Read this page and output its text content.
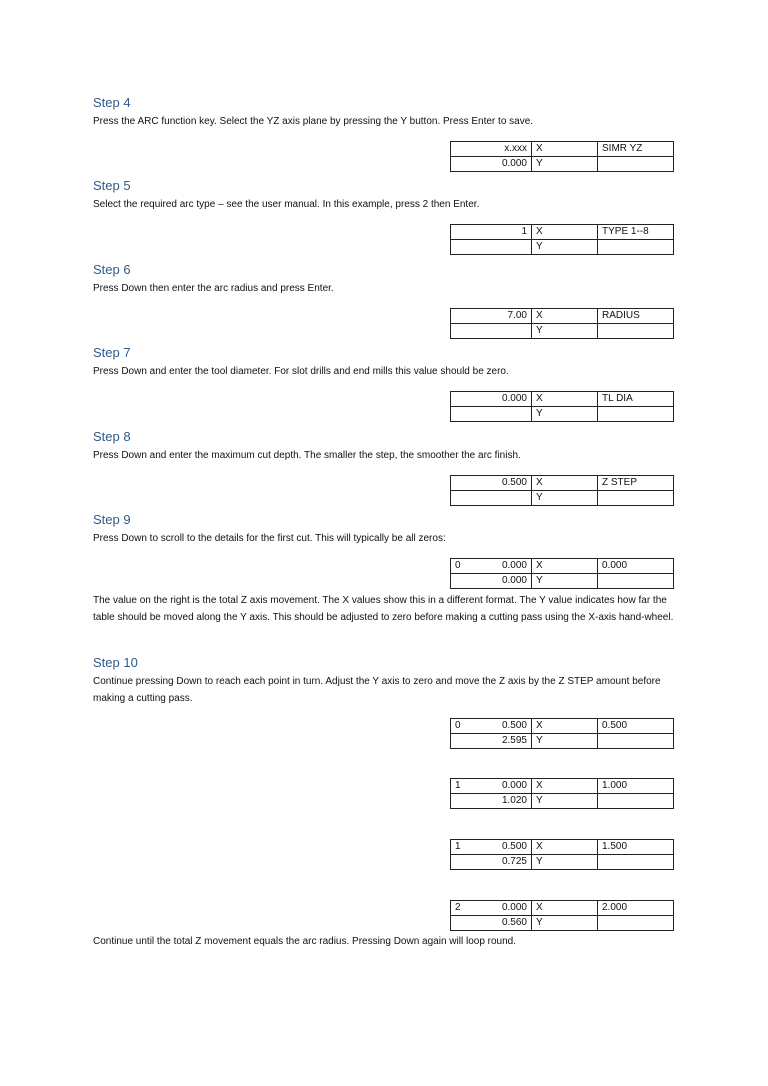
Step 4
Press the ARC function key. Select the YZ axis plane by pressing the Y button. Press Enter to save.
x.xxx	X	SIMR YZ
0.000	Y	
Step 5
Select the required arc type – see the user manual. In this example, press 2 then Enter.
1	X	TYPE 1--8
	Y	
Step 6
Press Down then enter the arc radius and press Enter.
7.00	X	RADIUS
	Y	
Step 7
Press Down and enter the tool diameter. For slot drills and end mills this value should be zero.
0.000	X	TL DIA
	Y	
Step 8
Press Down and enter the maximum cut depth. The smaller the step, the smoother the arc finish.
0.500	X	Z STEP
	Y	
Step 9
Press Down to scroll to the details for the first cut. This will typically be all zeros:
0 0.000	X	0.000
0.000	Y	
The value on the right is the total Z axis movement. The X values show this in a different format. The Y value indicates how far the table should be moved along the Y axis. This should be adjusted to zero before making a cutting pass using the X-axis hand-wheel.
Step 10
Continue pressing Down to reach each point in turn. Adjust the Y axis to zero and move the Z axis by the Z STEP amount before making a cutting pass.
0 0.500	X	0.500
2.595	Y	
1 0.000	X	1.000
1.020	Y	
1 0.500	X	1.500
0.725	Y	
2 0.000	X	2.000
0.560	Y	
Continue until the total Z movement equals the arc radius. Pressing Down again will loop round.
